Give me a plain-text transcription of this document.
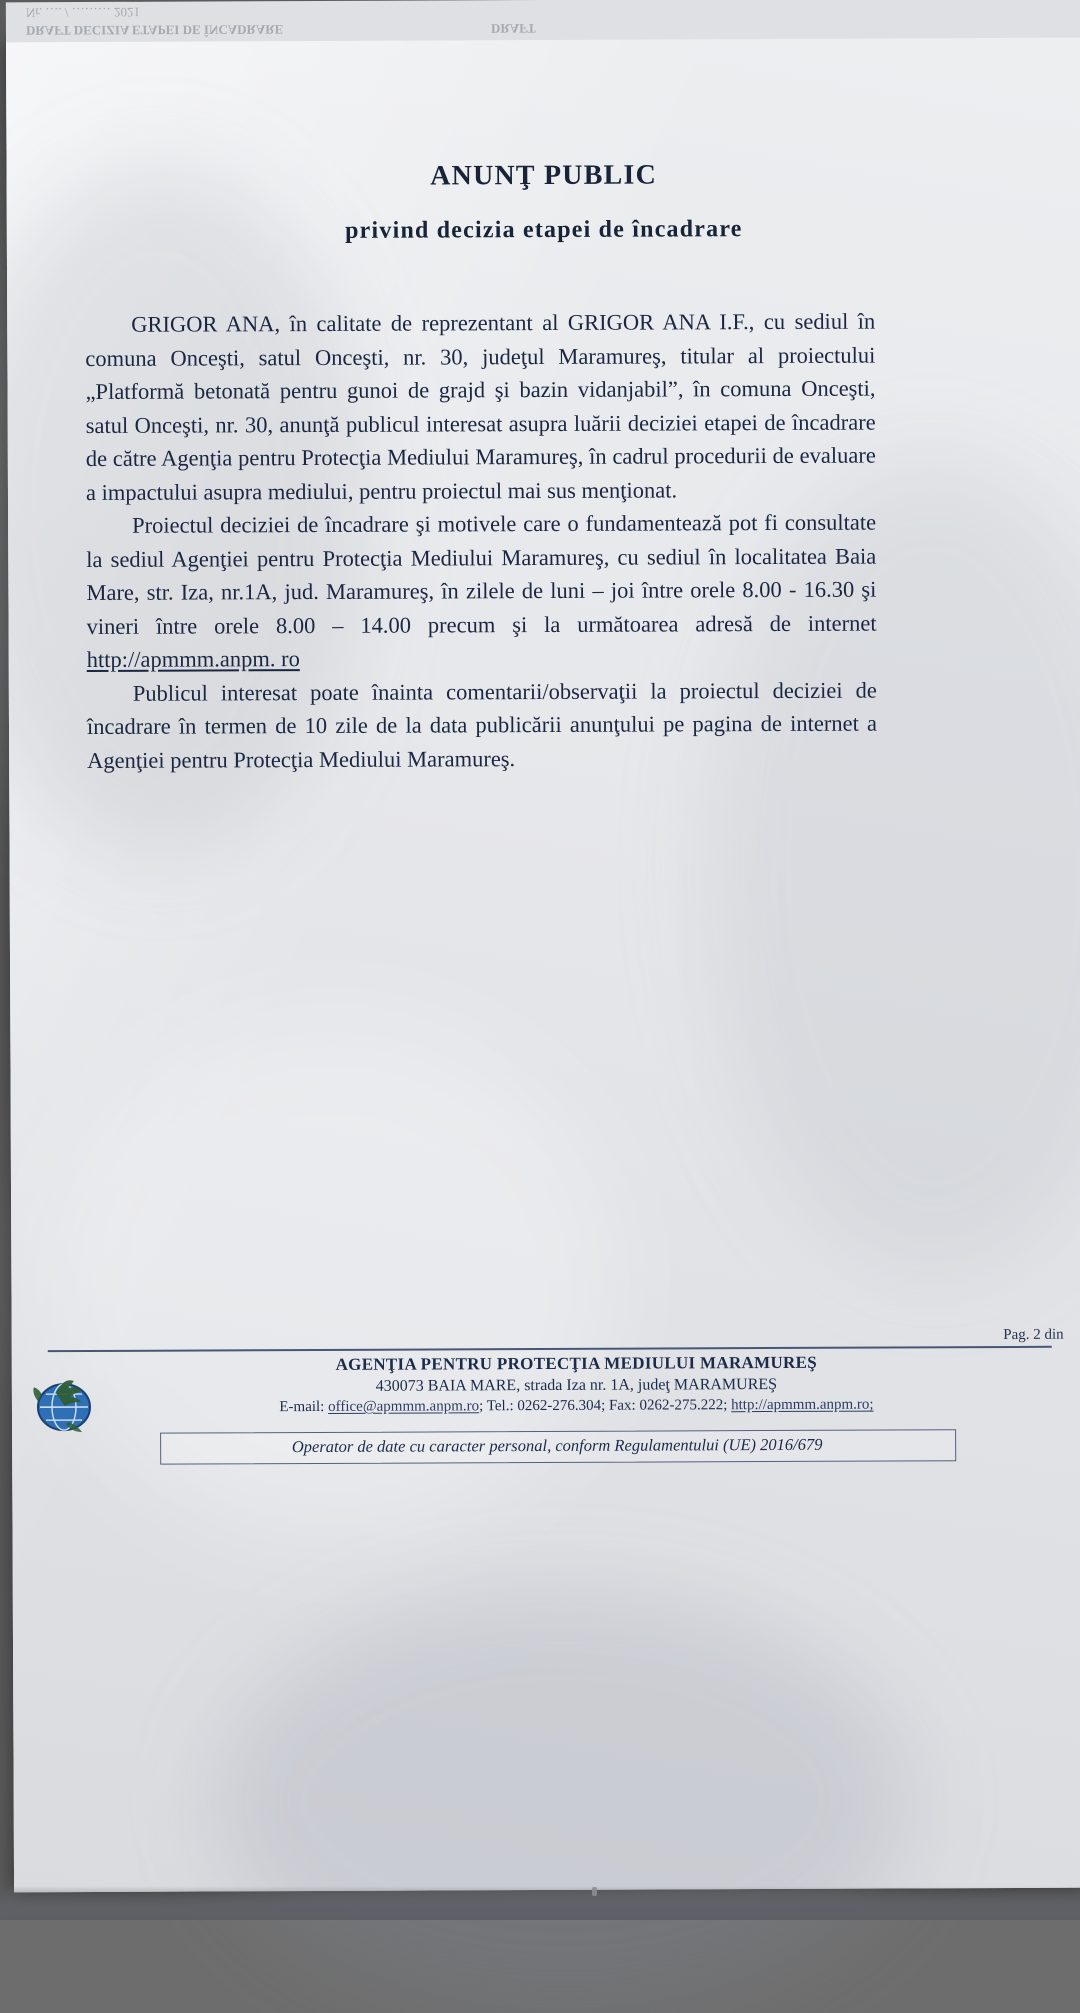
Nr. …. / ……… 2021
DRAFT DECIZIA ETAPEI DE ÎNCADRARE	DRAFT
ANUNŢ PUBLIC
privind decizia etapei de încadrare

GRIGOR ANA, în calitate de reprezentant al GRIGOR ANA I.F., cu sediul în comuna Onceşti, satul Onceşti, nr. 30, judeţul Maramureş, titular al proiectului „Platformă betonată pentru gunoi de grajd şi bazin vidanjabil”, în comuna Onceşti, satul Onceşti, nr. 30, anunţă publicul interesat asupra luării deciziei etapei de încadrare de către Agenţia pentru Protecţia Mediului Maramureş, în cadrul procedurii de evaluare a impactului asupra mediului, pentru proiectul mai sus menţionat.

Proiectul deciziei de încadrare şi motivele care o fundamentează pot fi consultate la sediul Agenţiei pentru Protecţia Mediului Maramureş, cu sediul în localitatea Baia Mare, str. Iza, nr.1A, jud. Maramureş, în zilele de luni – joi între orele 8.00 - 16.30 şi vineri între orele 8.00 – 14.00 precum şi la următoarea adresă de internet http://apmmm.anpm. ro

Publicul interesat poate înainta comentarii/observaţii la proiectul deciziei de încadrare în termen de 10 zile de la data publicării anunţului pe pagina de internet a Agenţiei pentru Protecţia Mediului Maramureş.

Pag. 2 din
AGENŢIA PENTRU PROTECŢIA MEDIULUI MARAMUREŞ
430073 BAIA MARE, strada Iza nr. 1A, judeţ MARAMUREŞ
E-mail: office@apmmm.anpm.ro; Tel.: 0262-276.304; Fax: 0262-275.222; http://apmmm.anpm.ro;
Operator de date cu caracter personal, conform Regulamentului (UE) 2016/679
